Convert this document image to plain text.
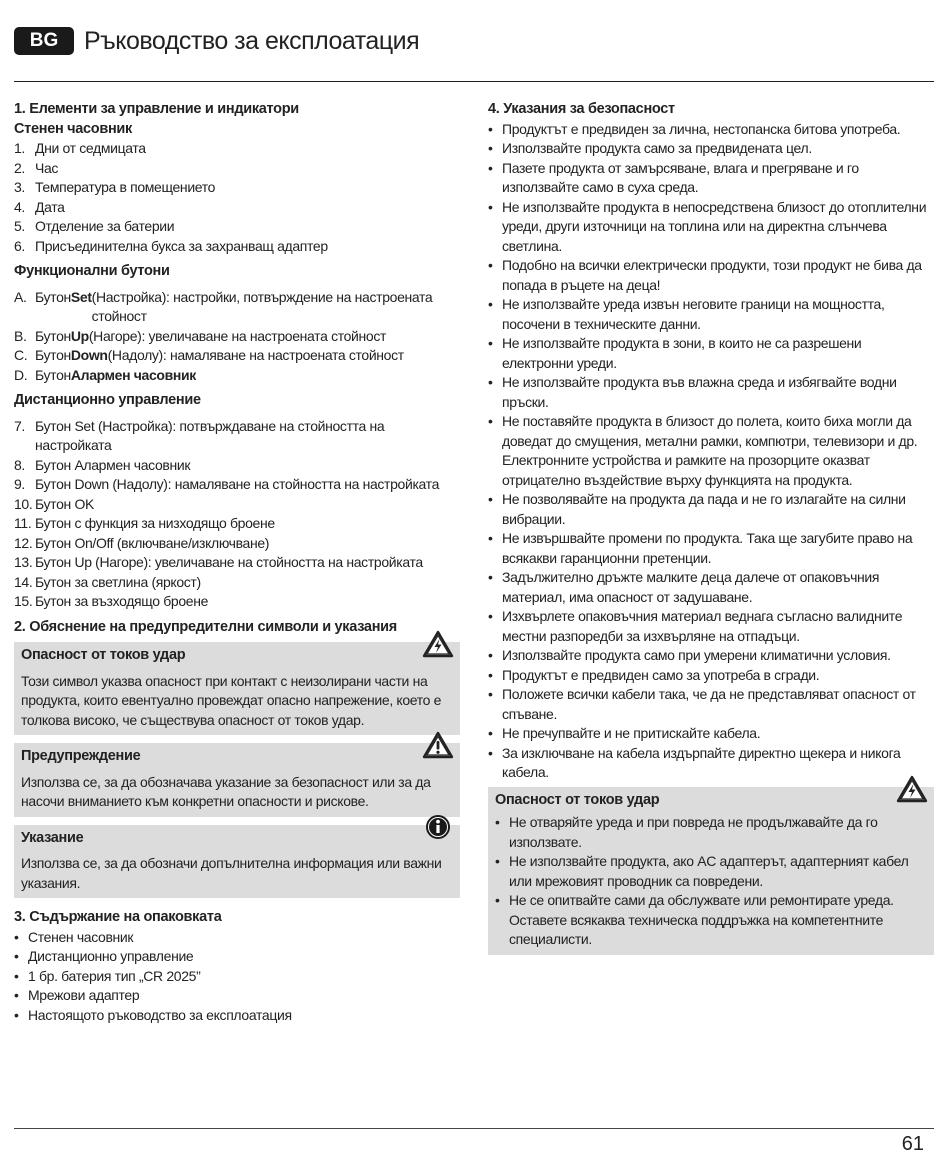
BG	Ръководство за експлоатация
1. Елементи за управление и индикатори
Стенен часовник
1. Дни от седмицата
2. Час
3. Температура в помещението
4. Дата
5. Отделение за батерии
6. Присъединителна букса за захранващ адаптер
Функционални бутони
A. Бутон Set (Настройка): настройки, потвърждение на настроената стойност
B. Бутон Up (Нагоре): увеличаване на настроената стойност
C. Бутон Down (Надолу): намаляване на настроената стойност
D. Бутон Алармен часовник
Дистанционно управление
7. Бутон Set (Настройка): потвърждаване на стойността на настройката
8. Бутон Алармен часовник
9. Бутон Down (Надолу): намаляване на стойността на настройката
10. Бутон OK
11. Бутон с функция за низходящо броене
12. Бутон On/Off (включване/изключване)
13. Бутон Up (Нагоре): увеличаване на стойността на настройката
14. Бутон за светлина (яркост)
15. Бутон за възходящо броене
2. Обяснение на предупредителни символи и указания
Опасност от токов удар
Този символ указва опасност при контакт с неизолирани части на продукта, които евентуално провеждат опасно напрежение, което е толкова високо, че съществува опасност от токов удар.
Предупреждение
Използва се, за да обозначава указание за безопасност или за да насочи вниманието към конкретни опасности и рискове.
Указание
Използва се, за да обозначи допълнителна информация или важни указания.
3. Съдържание на опаковката
• Стенен часовник
• Дистанционно управление
• 1 бр. батерия тип „CR 2025”
• Мрежови адаптер
• Настоящото ръководство за експлоатация
4. Указания за безопасност
• Продуктът е предвиден за лична, нестопанска битова употреба.
• Използвайте продукта само за предвидената цел.
• Пазете продукта от замърсяване, влага и прегряване и го използвайте само в суха среда.
• Не използвайте продукта в непосредствена близост до отоплителни уреди, други източници на топлина или на директна слънчева светлина.
• Подобно на всички електрически продукти, този продукт не бива да попада в ръцете на деца!
• Не използвайте уреда извън неговите граници на мощността, посочени в техническите данни.
• Не използвайте продукта в зони, в които не са разрешени електронни уреди.
• Не използвайте продукта във влажна среда и избягвайте водни пръски.
• Не поставяйте продукта в близост до полета, които биха могли да доведат до смущения, метални рамки, компютри, телевизори и др. Електронните устройства и рамките на прозорците оказват отрицателно въздействие върху функцията на продукта.
• Не позволявайте на продукта да пада и не го излагайте на силни вибрации.
• Не извършвайте промени по продукта. Така ще загубите право на всякакви гаранционни претенции.
• Задължително дръжте малките деца далече от опаковъчния материал, има опасност от задушаване.
• Изхвърлете опаковъчния материал веднага съгласно валидните местни разпоредби за изхвърляне на отпадъци.
• Използвайте продукта само при умерени климатични условия.
• Продуктът е предвиден само за употреба в сгради.
• Положете всички кабели така, че да не представляват опасност от спъване.
• Не пречупвайте и не притискайте кабела.
• За изключване на кабела издърпайте директно щекера и никога кабела.
Опасност от токов удар
• Не отваряйте уреда и при повреда не продължавайте да го използвате.
• Не използвайте продукта, ако AC адаптерът, адаптерният кабел или мрежовият проводник са повредени.
• Не се опитвайте сами да обслужвате или ремонтирате уреда. Оставете всякаква техническа поддръжка на компетентните специалисти.
61
